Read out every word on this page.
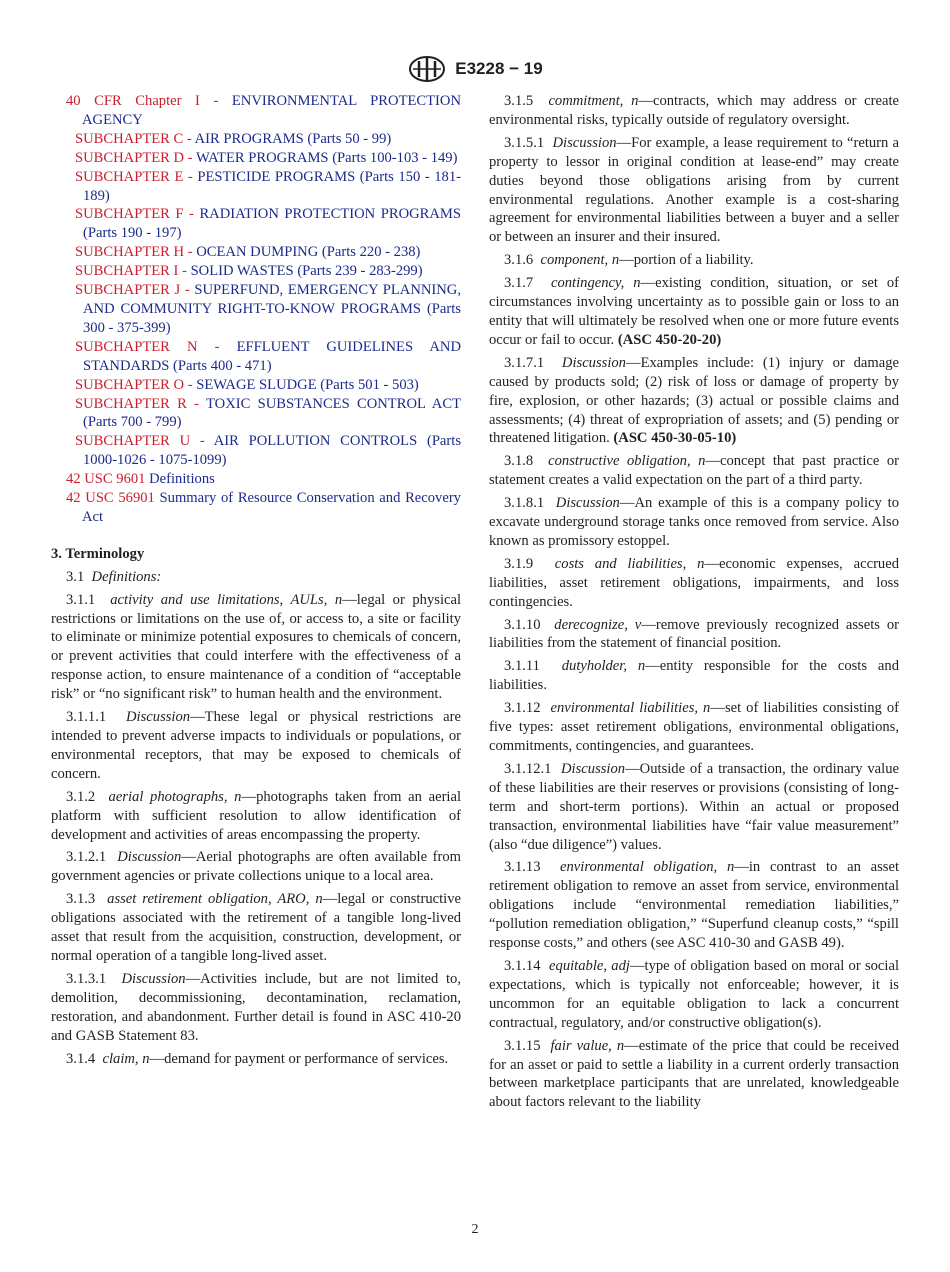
E3228 − 19

40 CFR Chapter I - ENVIRONMENTAL PROTECTION AGENCY

SUBCHAPTER C - AIR PROGRAMS (Parts 50 - 99)

SUBCHAPTER D - WATER PROGRAMS (Parts 100-103 - 149)

SUBCHAPTER E - PESTICIDE PROGRAMS (Parts 150 - 181-189)

SUBCHAPTER F - RADIATION PROTECTION PROGRAMS (Parts 190 - 197)

SUBCHAPTER H - OCEAN DUMPING (Parts 220 - 238)

SUBCHAPTER I - SOLID WASTES (Parts 239 - 283-299)

SUBCHAPTER J - SUPERFUND, EMERGENCY PLANNING, AND COMMUNITY RIGHT-TO-KNOW PROGRAMS (Parts 300 - 375-399)

SUBCHAPTER N - EFFLUENT GUIDELINES AND STANDARDS (Parts 400 - 471)

SUBCHAPTER O - SEWAGE SLUDGE (Parts 501 - 503)

SUBCHAPTER R - TOXIC SUBSTANCES CONTROL ACT (Parts 700 - 799)

SUBCHAPTER U - AIR POLLUTION CONTROLS (Parts 1000-1026 - 1075-1099)

42 USC 9601 Definitions

42 USC 56901 Summary of Resource Conservation and Recovery Act

3. Terminology

3.1 Definitions:

3.1.1 activity and use limitations, AULs, n—legal or physical restrictions or limitations on the use of, or access to, a site or facility to eliminate or minimize potential exposures to chemicals of concern, or prevent activities that could interfere with the effectiveness of a response action, to ensure maintenance of a condition of “acceptable risk” or “no significant risk” to human health and the environment.

3.1.1.1 Discussion—These legal or physical restrictions are intended to prevent adverse impacts to individuals or populations, or environmental receptors, that may be exposed to chemicals of concern.

3.1.2 aerial photographs, n—photographs taken from an aerial platform with sufficient resolution to allow identification of development and activities of areas encompassing the property.

3.1.2.1 Discussion—Aerial photographs are often available from government agencies or private collections unique to a local area.

3.1.3 asset retirement obligation, ARO, n—legal or constructive obligations associated with the retirement of a tangible long-lived asset that result from the acquisition, construction, development, or normal operation of a tangible long-lived asset.

3.1.3.1 Discussion—Activities include, but are not limited to, demolition, decommissioning, decontamination, reclamation, restoration, and abandonment. Further detail is found in ASC 410-20 and GASB Statement 83.

3.1.4 claim, n—demand for payment or performance of services.

3.1.5 commitment, n—contracts, which may address or create environmental risks, typically outside of regulatory oversight.

3.1.5.1 Discussion—For example, a lease requirement to “return a property to lessor in original condition at lease-end” may create duties beyond those obligations arising from by current environmental regulations. Another example is a cost-sharing agreement for environmental liabilities between a buyer and a seller or between an insurer and their insured.

3.1.6 component, n—portion of a liability.

3.1.7 contingency, n—existing condition, situation, or set of circumstances involving uncertainty as to possible gain or loss to an entity that will ultimately be resolved when one or more future events occur or fail to occur. (ASC 450-20-20)

3.1.7.1 Discussion—Examples include: (1) injury or damage caused by products sold; (2) risk of loss or damage of property by fire, explosion, or other hazards; (3) actual or possible claims and assessments; (4) threat of expropriation of assets; and (5) pending or threatened litigation. (ASC 450-30-05-10)

3.1.8 constructive obligation, n—concept that past practice or statement creates a valid expectation on the part of a third party.

3.1.8.1 Discussion—An example of this is a company policy to excavate underground storage tanks once removed from service. Also known as promissory estoppel.

3.1.9 costs and liabilities, n—economic expenses, accrued liabilities, asset retirement obligations, impairments, and loss contingencies.

3.1.10 derecognize, v—remove previously recognized assets or liabilities from the statement of financial position.

3.1.11 dutyholder, n—entity responsible for the costs and liabilities.

3.1.12 environmental liabilities, n—set of liabilities consisting of five types: asset retirement obligations, environmental obligations, commitments, contingencies, and guarantees.

3.1.12.1 Discussion—Outside of a transaction, the ordinary value of these liabilities are their reserves or provisions (consisting of long-term and short-term portions). Within an actual or proposed transaction, environmental liabilities have “fair value measurement” (also “due diligence”) values.

3.1.13 environmental obligation, n—in contrast to an asset retirement obligation to remove an asset from service, environmental obligations include “environmental remediation liabilities,” “pollution remediation obligation,” “Superfund cleanup costs,” “spill response costs,” and others (see ASC 410-30 and GASB 49).

3.1.14 equitable, adj—type of obligation based on moral or social expectations, which is typically not enforceable; however, it is uncommon for an equitable obligation to lack a concurrent contractual, regulatory, and/or constructive obligation(s).

3.1.15 fair value, n—estimate of the price that could be received for an asset or paid to settle a liability in a current orderly transaction between marketplace participants that are unrelated, knowledgeable about factors relevant to the liability

2
